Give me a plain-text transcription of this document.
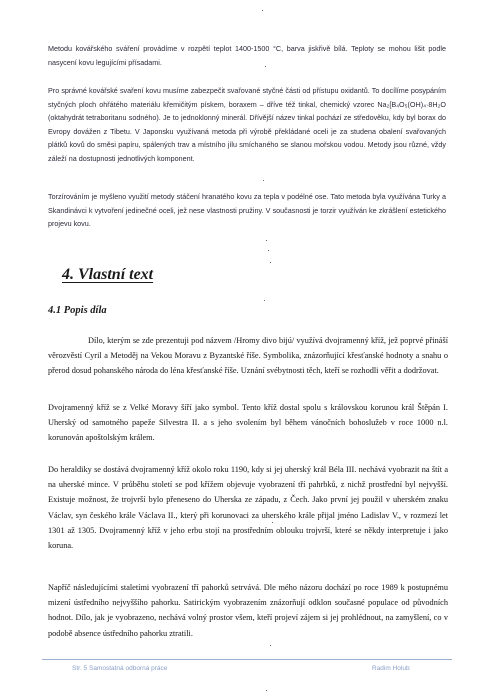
Metodu kovářského sváření provádíme v rozpětí teplot 1400-1500 °C, barva jiskřivě bílá. Teploty se mohou lišit podle nasycení kovu legujícími přísadami.

Pro správné kovářské svaření kovu musíme zabezpečit svařované styčné části od přístupu oxidantů. To docílíme posypáním styčných ploch ohřátého materiálu křemičitým pískem, boraxem – dříve též tinkal, chemický vzorec Na₂[B₄O₅(OH)₄·8H₂O (oktahydrát tetraboritanu sodného). Je to jednoklonný minerál. Dřívější název tinkal pochází ze středověku, kdy byl borax do Evropy dovážen z Tibetu. V Japonsku využívaná metoda při výrobě překládané oceli je za studena obalení svařovaných plátků kovů do směsi papíru, spálených trav a místního jílu smíchaného se slanou mořskou vodou. Metody jsou různé, vždy záleží na dostupnosti jednotlivých komponent.

Torzírováním je myšleno využití metody stáčení hranatého kovu za tepla v podélné ose. Tato metoda byla využívána Turky a Skandinávci k vytvoření jedinečné oceli, jež nese vlastnosti pružiny. V současnosti je torzir využíván ke zkrášlení estetického projevu kovu.

4. Vlastní text
4.1 Popis díla

Dílo, kterým se zde prezentuji pod názvem /Hromy divo bijú/ využívá dvojramenný kříž, jež poprvé přináší věrozvěstí Cyril a Metoděj na Vekou Moravu z Byzantské říše. Symbolika, znázorňující křesťanské hodnoty a snahu o přerod dosud pohanského národa do léna křesťanské říše. Uznání svébytnosti těch, kteří se rozhodli věřit a dodržovat.

Dvojramenný kříž se z Velké Moravy šíří jako symbol. Tento kříž dostal spolu s královskou korunou král Štěpán I. Uherský od samotného papeže Silvestra II. a s jeho svolením byl během vánočních bohoslužeb v roce 1000 n.l. korunován apoštolským králem.

Do heraldiky se dostává dvojramenný kříž okolo roku 1190, kdy si jej uherský král Béla III. nechává vyobrazit na štít a na uherské mince. V průběhu století se pod křížem objevuje vyobrazení tří pahrbků, z nichž prostřední byl nejvyšší. Existuje možnost, že trojvrší bylo přeneseno do Uherska ze západu, z Čech. Jako první jej použil v uherském znaku Václav, syn českého krále Václava II., který při korunovaci za uherského krále přijal jméno Ladislav V., v rozmezí let 1301 až 1305. Dvojramenný kříž v jeho erbu stojí na prostředním oblouku trojvrší, které se někdy interpretuje i jako koruna.

Napříč následujícími staletími vyobrazení tří pahorků setrvává. Dle mého názoru dochází po roce 1989 k postupnému mizení ústředního nejvyššího pahorku. Satirickým vyobrazením znázorňují odklon současné populace od původních hodnot. Dílo, jak je vyobrazeno, nechává volný prostor všem, kteří projeví zájem si jej prohlédnout, na zamyšlení, co v podobě absence ústředního pahorku ztratili.

Str. 5 Samostatná odborná práce	Radim Holub
